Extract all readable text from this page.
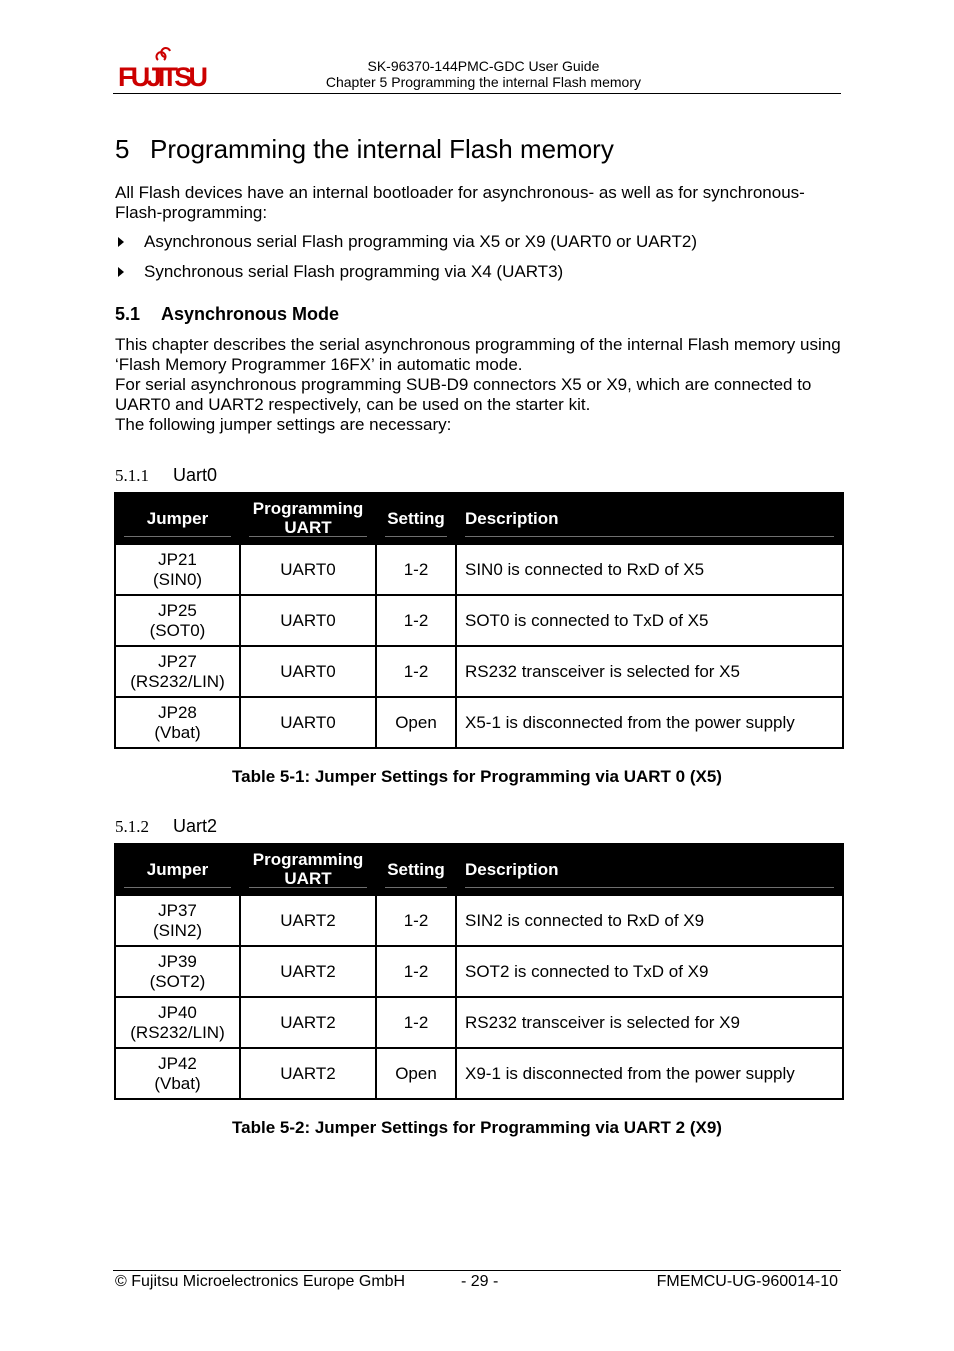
FUJITSU	SK-96370-144PMC-GDC User Guide
Chapter 5 Programming the internal Flash memory
5 Programming the internal Flash memory
All Flash devices have an internal bootloader for asynchronous- as well as for synchronous-Flash-programming:
Asynchronous serial Flash programming via X5 or X9 (UART0 or UART2)
Synchronous serial Flash programming via X4 (UART3)
5.1 Asynchronous Mode
This chapter describes the serial asynchronous programming of the internal Flash memory using ‘Flash Memory Programmer 16FX’ in automatic mode.
For serial asynchronous programming SUB-D9 connectors X5 or X9, which are connected to UART0 and UART2 respectively, can be used on the starter kit.
The following jumper settings are necessary:
5.1.1 Uart0
Jumper	Programming
UART	Setting	Description

JP21
(SIN0)	UART0	1-2	SIN0 is connected to RxD of X5

JP25
(SOT0)	UART0	1-2	SOT0 is connected to TxD of X5

JP27
(RS232/LIN)	UART0	1-2	RS232 transceiver is selected for X5

JP28
(Vbat)	UART0	Open	X5-1 is disconnected from the power supply
Table 5-1: Jumper Settings for Programming via UART 0 (X5)
5.1.2 Uart2
Jumper	Programming
UART	Setting	Description

JP37
(SIN2)	UART2	1-2	SIN2 is connected to RxD of X9

JP39
(SOT2)	UART2	1-2	SOT2 is connected to TxD of X9

JP40
(RS232/LIN)	UART2	1-2	RS232 transceiver is selected for X9

JP42
(Vbat)	UART2	Open	X9-1 is disconnected from the power supply
Table 5-2: Jumper Settings for Programming via UART 2 (X9)
© Fujitsu Microelectronics Europe GmbH	- 29 -	FMEMCU-UG-960014-10
